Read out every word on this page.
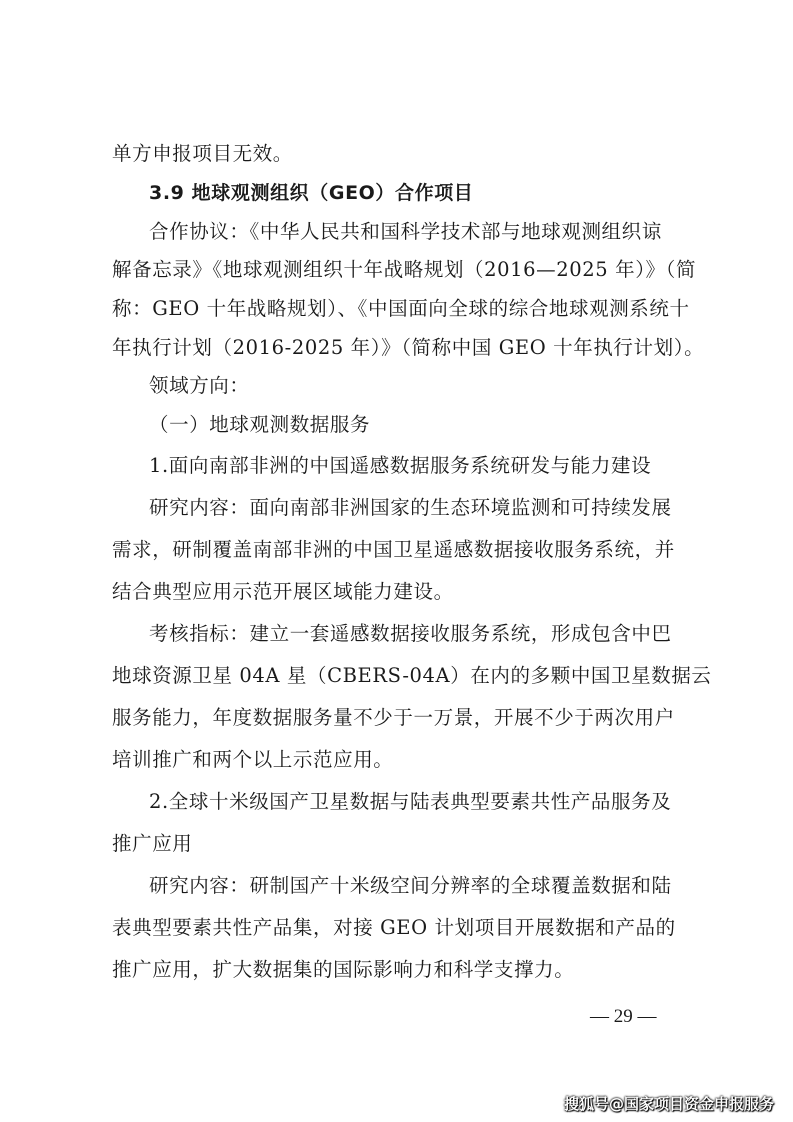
单方申报项目无效。
3.9 地球观测组织（GEO）合作项目
合作协议：《中华人民共和国科学技术部与地球观测组织谅
解备忘录》《地球观测组织十年战略规划（2016—2025 年）》（简
称：GEO 十年战略规划）、《中国面向全球的综合地球观测系统十
年执行计划（2016-2025 年）》（简称中国 GEO 十年执行计划）。
领域方向：
（一）地球观测数据服务
1.面向南部非洲的中国遥感数据服务系统研发与能力建设
研究内容：面向南部非洲国家的生态环境监测和可持续发展
需求，研制覆盖南部非洲的中国卫星遥感数据接收服务系统，并
结合典型应用示范开展区域能力建设。
考核指标：建立一套遥感数据接收服务系统，形成包含中巴
地球资源卫星 04A 星（CBERS-04A）在内的多颗中国卫星数据云
服务能力，年度数据服务量不少于一万景，开展不少于两次用户
培训推广和两个以上示范应用。
2.全球十米级国产卫星数据与陆表典型要素共性产品服务及
推广应用
研究内容：研制国产十米级空间分辨率的全球覆盖数据和陆
表典型要素共性产品集，对接 GEO 计划项目开展数据和产品的
推广应用，扩大数据集的国际影响力和科学支撑力。
— 29 —
搜狐号@国家项目资金申报服务
